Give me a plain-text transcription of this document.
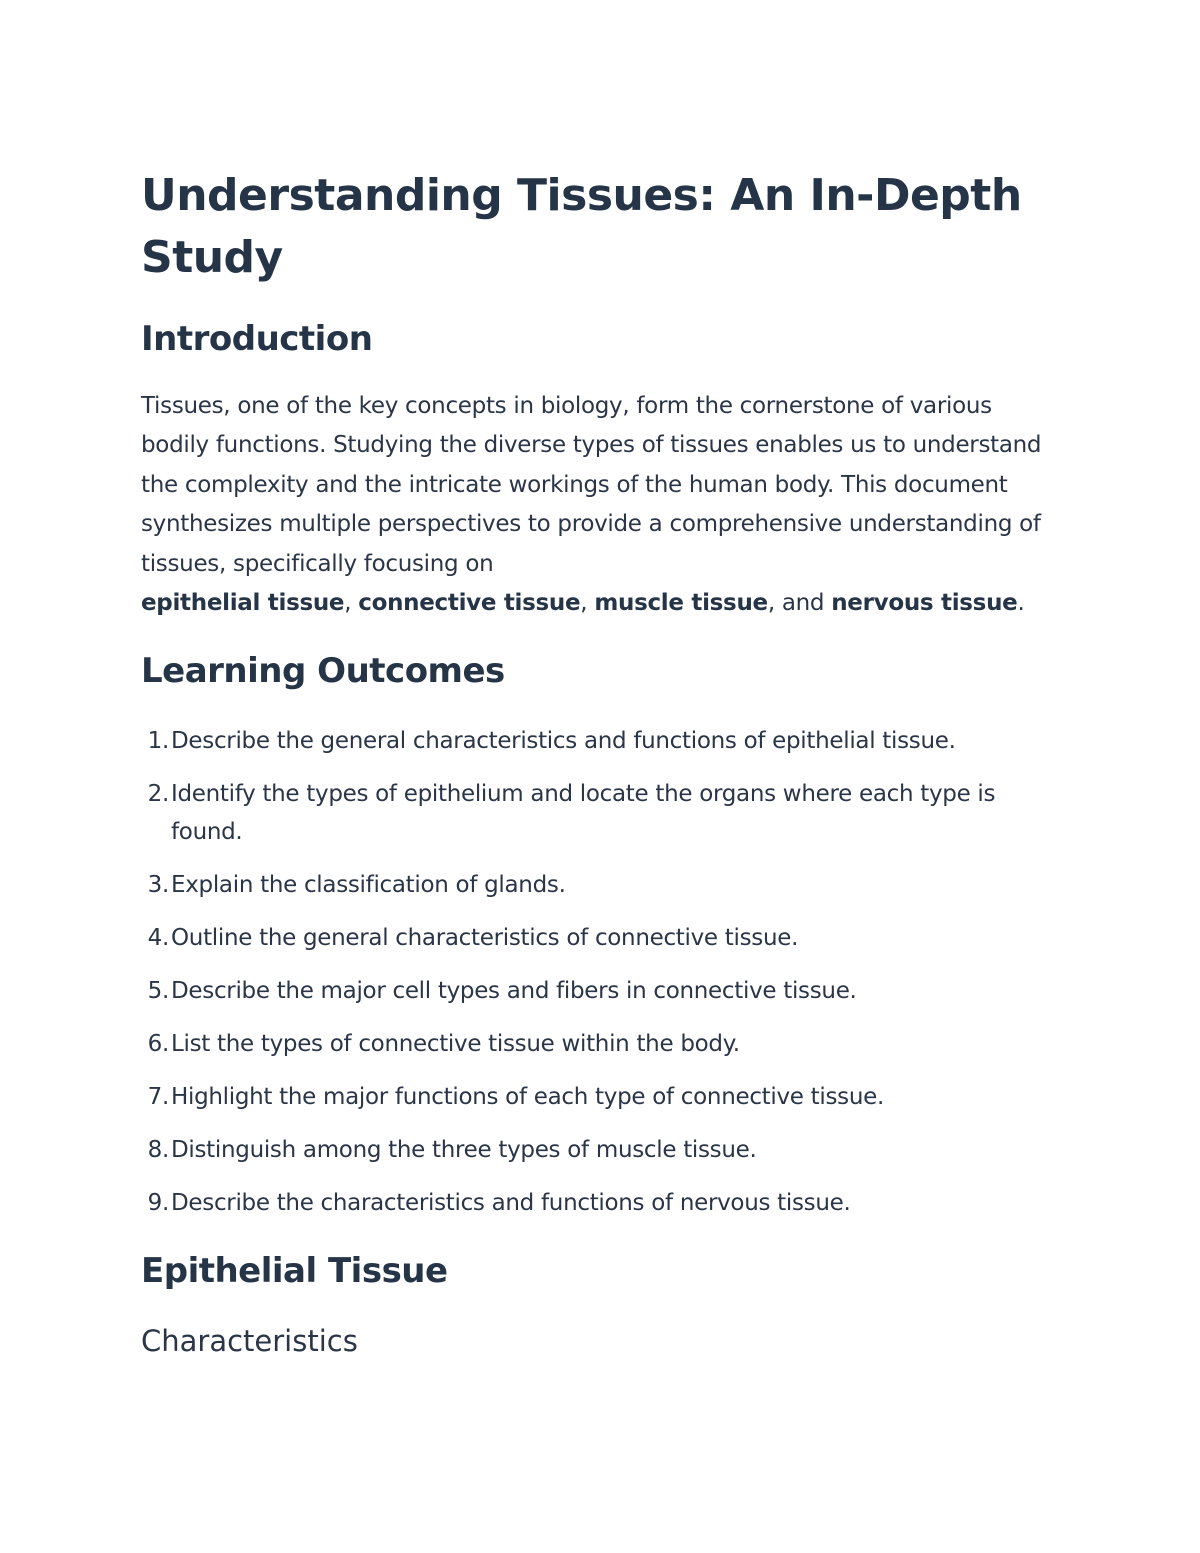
Understanding Tissues: An In-Depth Study
Introduction

Tissues, one of the key concepts in biology, form the cornerstone of various bodily functions. Studying the diverse types of tissues enables us to understand the complexity and the intricate workings of the human body. This document synthesizes multiple perspectives to provide a comprehensive understanding of tissues, specifically focusing on
epithelial tissue, connective tissue, muscle tissue, and nervous tissue.

Learning Outcomes
1. Describe the general characteristics and functions of epithelial tissue.
2. Identify the types of epithelium and locate the organs where each type is found.
3. Explain the classification of glands.
4. Outline the general characteristics of connective tissue.
5. Describe the major cell types and fibers in connective tissue.
6. List the types of connective tissue within the body.
7. Highlight the major functions of each type of connective tissue.
8. Distinguish among the three types of muscle tissue.
9. Describe the characteristics and functions of nervous tissue.
Epithelial Tissue
Characteristics
